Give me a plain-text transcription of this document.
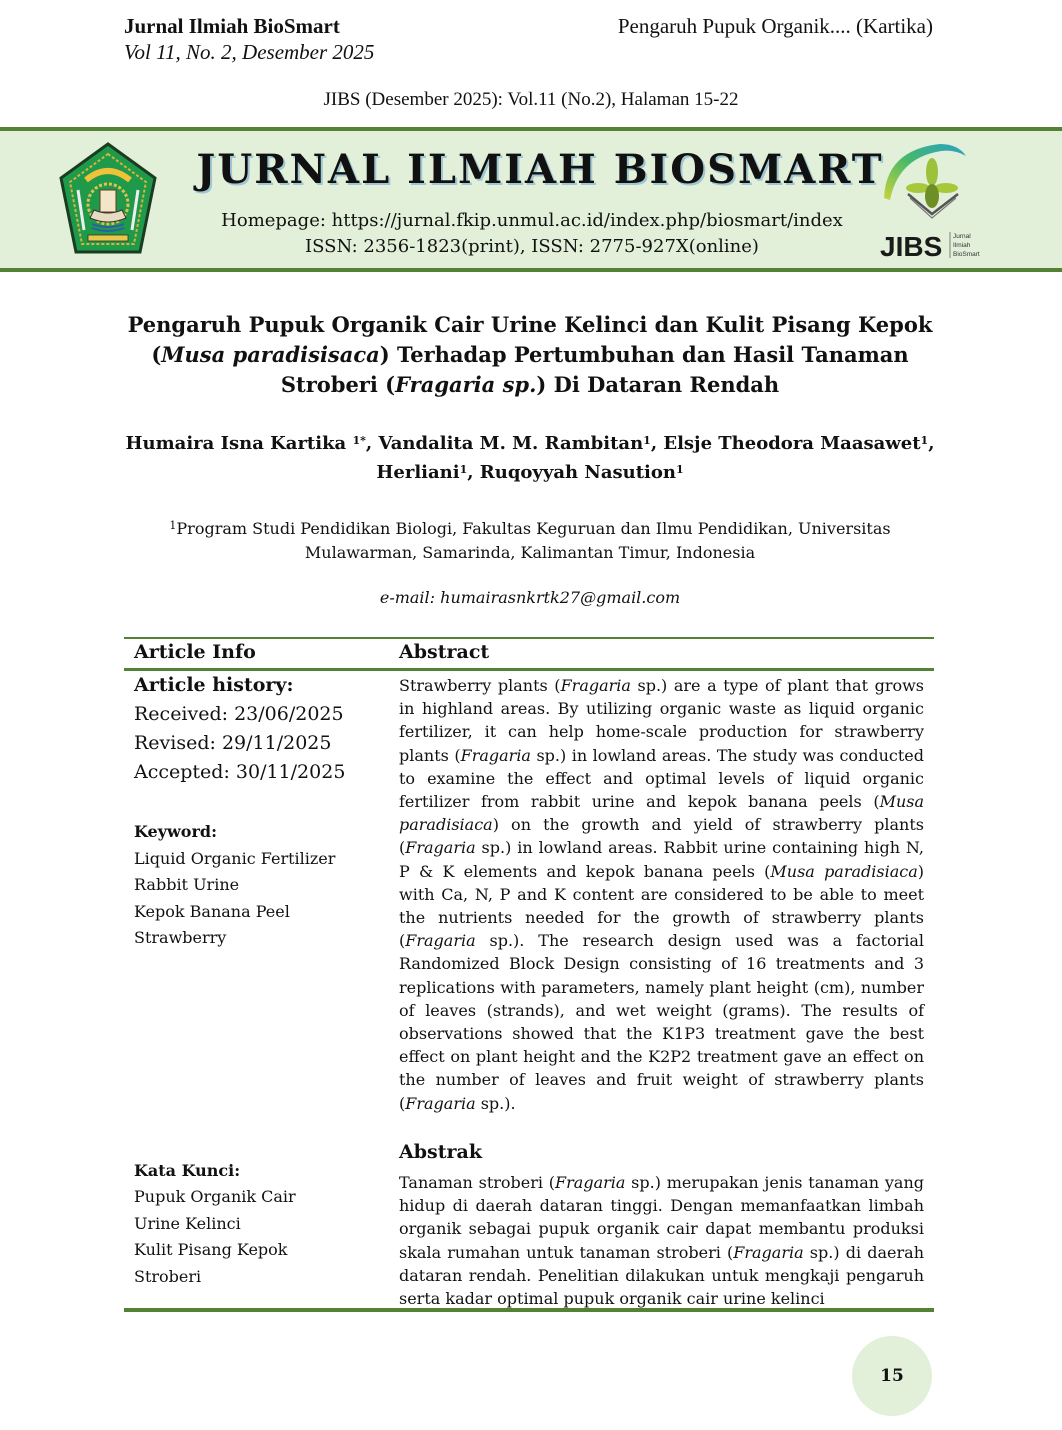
Jurnal Ilmiah BioSmart
Vol 11, No. 2, Desember 2025
Pengaruh Pupuk Organik.... (Kartika)
JIBS (Desember 2025): Vol.11 (No.2), Halaman 15-22
JURNAL ILMIAH BIOSMART
Homepage: https://jurnal.fkip.unmul.ac.id/index.php/biosmart/index
ISSN: 2356-1823(print), ISSN: 2775-927X(online)	JIBS Jurnal
Ilmiah
BioSmart
Pengaruh Pupuk Organik Cair Urine Kelinci dan Kulit Pisang Kepok (Musa paradisisaca) Terhadap Pertumbuhan dan Hasil Tanaman Stroberi (Fragaria sp.) Di Dataran Rendah
Humaira Isna Kartika $^{1*}$, Vandalita M. M. Rambitan$^1$, Elsje Theodora Maasawet$^1$,
Herliani$^1$, Ruqoyyah Nasution$^1$
$^1$Program Studi Pendidikan Biologi, Fakultas Keguruan dan Ilmu Pendidikan, Universitas Mulawarman, Samarinda, Kalimantan Timur, Indonesia
e-mail: humairasnkrtk27@gmail.com
Article Info	Abstract
Article history:
Received: 23/06/2025
Revised: 29/11/2025
Accepted: 30/11/2025
Keyword:
Liquid Organic Fertilizer
Rabbit Urine
Kepok Banana Peel
Strawberry
Strawberry plants (Fragaria sp.) are a type of plant that grows in highland areas. By utilizing organic waste as liquid organic fertilizer, it can help home-scale production for strawberry plants (Fragaria sp.) in lowland areas. The study was conducted to examine the effect and optimal levels of liquid organic fertilizer from rabbit urine and kepok banana peels (Musa paradisiaca) on the growth and yield of strawberry plants (Fragaria sp.) in lowland areas. Rabbit urine containing high N, P & K elements and kepok banana peels (Musa paradisiaca) with Ca, N, P and K content are considered to be able to meet the nutrients needed for the growth of strawberry plants (Fragaria sp.). The research design used was a factorial Randomized Block Design consisting of 16 treatments and 3 replications with parameters, namely plant height (cm), number of leaves (strands), and wet weight (grams). The results of observations showed that the K1P3 treatment gave the best effect on plant height and the K2P2 treatment gave an effect on the number of leaves and fruit weight of strawberry plants (Fragaria sp.).
Kata Kunci:
Pupuk Organik Cair
Urine Kelinci
Kulit Pisang Kepok
Stroberi
Abstrak
Tanaman stroberi (Fragaria sp.) merupakan jenis tanaman yang hidup di daerah dataran tinggi. Dengan memanfaatkan limbah organik sebagai pupuk organik cair dapat membantu produksi skala rumahan untuk tanaman stroberi (Fragaria sp.) di daerah dataran rendah. Penelitian dilakukan untuk mengkaji pengaruh serta kadar optimal pupuk organik cair urine kelinci
15
